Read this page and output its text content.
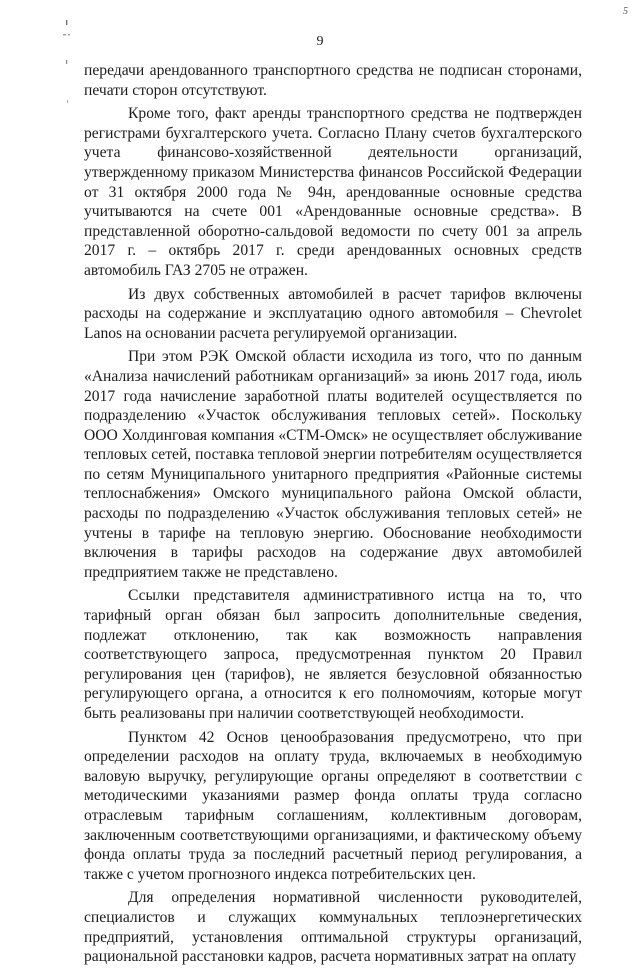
5
9

передачи арендованного транспортного средства не подписан сторонами, печати сторон отсутствуют.

Кроме того, факт аренды транспортного средства не подтвержден регистрами бухгалтерского учета. Согласно Плану счетов бухгалтерского учета финансово-хозяйственной деятельности организаций, утвержденному приказом Министерства финансов Российской Федерации от 31 октября 2000 года № 94н, арендованные основные средства учитываются на счете 001 «Арендованные основные средства». В представленной оборотно-сальдовой ведомости по счету 001 за апрель 2017 г. – октябрь 2017 г. среди арендованных основных средств автомобиль ГАЗ 2705 не отражен.

Из двух собственных автомобилей в расчет тарифов включены расходы на содержание и эксплуатацию одного автомобиля – Chevrolet Lanos на основании расчета регулируемой организации.

При этом РЭК Омской области исходила из того, что по данным «Анализа начислений работникам организаций» за июнь 2017 года, июль 2017 года начисление заработной платы водителей осуществляется по подразделению «Участок обслуживания тепловых сетей». Поскольку ООО Холдинговая компания «СТМ-Омск» не осуществляет обслуживание тепловых сетей, поставка тепловой энергии потребителям осуществляется по сетям Муниципального унитарного предприятия «Районные системы теплоснабжения» Омского муниципального района Омской области, расходы по подразделению «Участок обслуживания тепловых сетей» не учтены в тарифе на тепловую энергию. Обоснование необходимости включения в тарифы расходов на содержание двух автомобилей предприятием также не представлено.

Ссылки представителя административного истца на то, что тарифный орган обязан был запросить дополнительные сведения, подлежат отклонению, так как возможность направления соответствующего запроса, предусмотренная пунктом 20 Правил регулирования цен (тарифов), не является безусловной обязанностью регулирующего органа, а относится к его полномочиям, которые могут быть реализованы при наличии соответствующей необходимости.

Пунктом 42 Основ ценообразования предусмотрено, что при определении расходов на оплату труда, включаемых в необходимую валовую выручку, регулирующие органы определяют в соответствии с методическими указаниями размер фонда оплаты труда согласно отраслевым тарифным соглашениям, коллективным договорам, заключенным соответствующими организациями, и фактическому объему фонда оплаты труда за последний расчетный период регулирования, а также с учетом прогнозного индекса потребительских цен.

Для определения нормативной численности руководителей, специалистов и служащих коммунальных теплоэнергетических предприятий, установления оптимальной структуры организаций, рациональной расстановки кадров, расчета нормативных затрат на оплату
